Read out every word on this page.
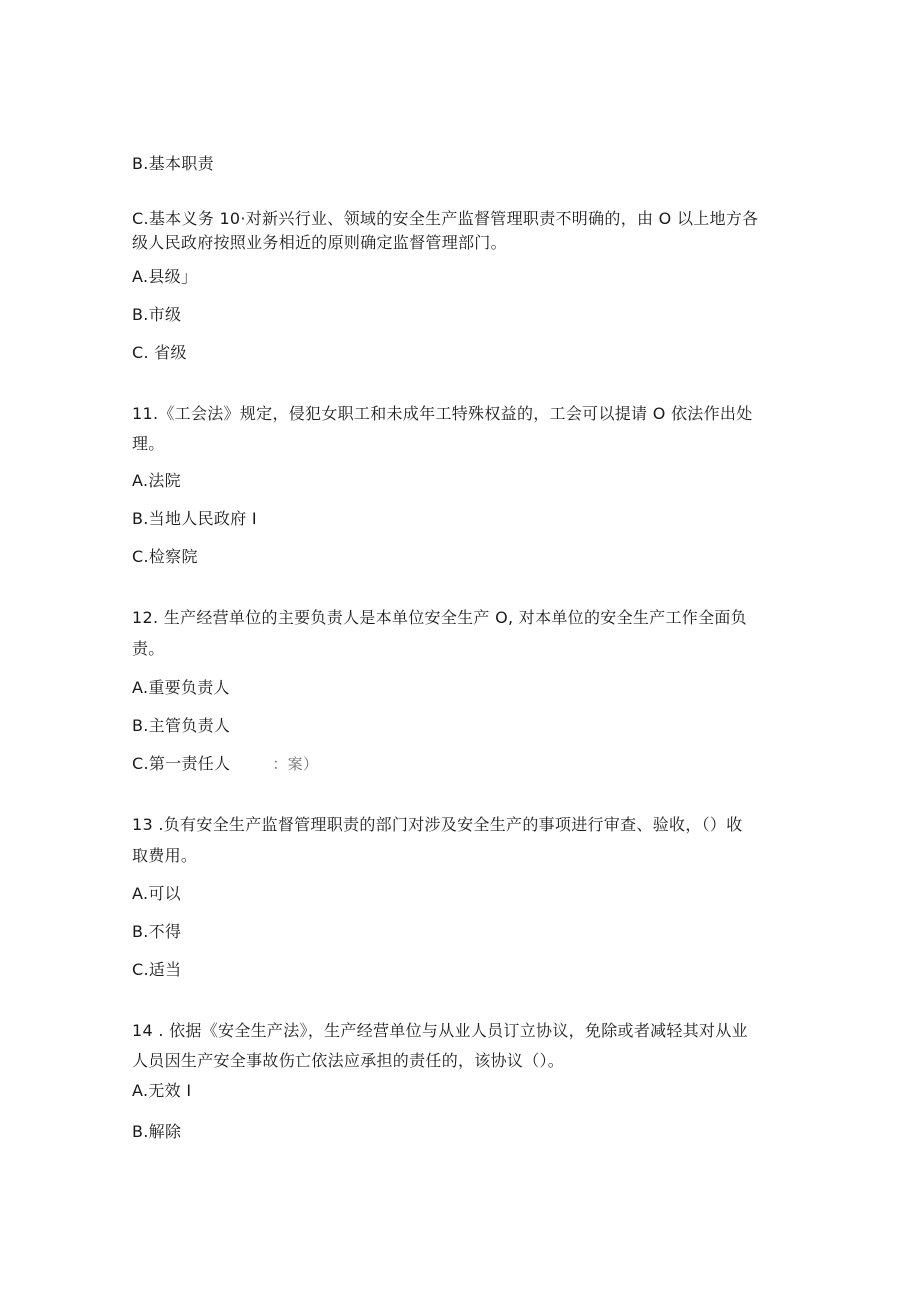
B.基本职责
C.基本义务 10·对新兴行业、领域的安全生产监督管理职责不明确的，由 O 以上地方各
级人民政府按照业务相近的原则确定监督管理部门。
A.县级」
B.市级
C. 省级
11.《工会法》规定，侵犯女职工和未成年工特殊权益的，工会可以提请 O 依法作出处
理。
A.法院
B.当地人民政府 I
C.检察院
12. 生产经营单位的主要负责人是本单位安全生产 O, 对本单位的安全生产工作全面负
责。
A.重要负责人
B.主管负责人
C.第一责任人	：案）
13 .负有安全生产监督管理职责的部门对涉及安全生产的事项进行审查、验收，（）收
取费用。
A.可以
B.不得
C.适当
14 . 依据《安全生产法》，生产经营单位与从业人员订立协议，免除或者减轻其对从业
人员因生产安全事故伤亡依法应承担的责任的，该协议（）。
A.无效 I
B.解除
